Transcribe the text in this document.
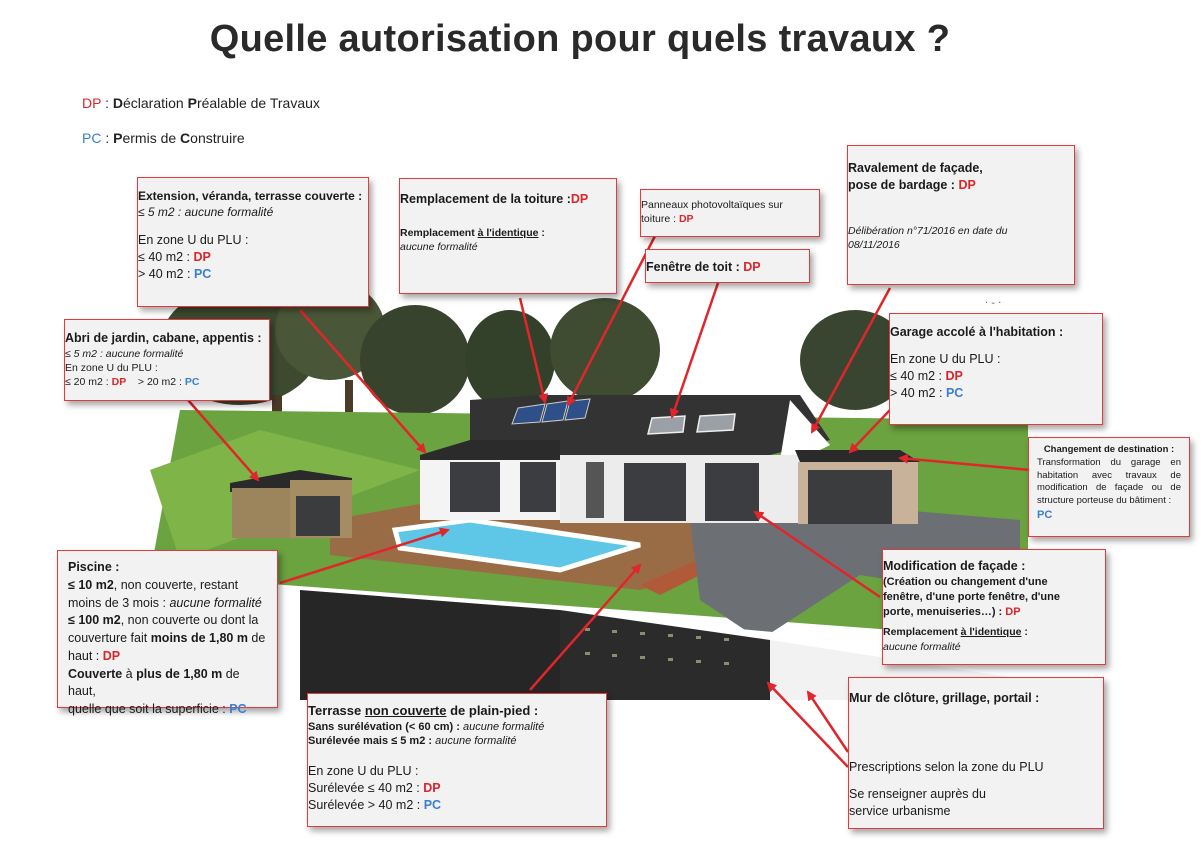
Quelle autorisation pour quels travaux ?
DP : Déclaration Préalable de Travaux
PC : Permis de Construire
· - ·
Extension, véranda, terrasse couverte :
≤ 5 m2 : aucune formalité
En zone U du PLU :
≤ 40 m2 : DP
> 40 m2 : PC
Remplacement de la toiture :DP
Remplacement à l'identique :
aucune formalité
Panneaux photovoltaïques sur
toiture : DP
Fenêtre de toit : DP
Ravalement de façade,
pose de bardage : DP
Délibération n°71/2016 en date du
08/11/2016
Abri de jardin, cabane, appentis :
≤ 5 m2 : aucune formalité
En zone U du PLU :
≤ 20 m2 : DP > 20 m2 : PC
Garage accolé à l'habitation :
En zone U du PLU :
≤ 40 m2 : DP
> 40 m2 : PC
Changement de destination :
Transformation du garage en habitation avec travaux de modification de façade ou de structure porteuse du bâtiment :
PC
Piscine :
≤ 10 m2, non couverte, restant
moins de 3 mois : aucune formalité
≤ 100 m2, non couverte ou dont la
couverture fait moins de 1,80 m de
haut : DP
Couverte à plus de 1,80 m de haut,
quelle que soit la superficie : PC
Modification de façade :
(Création ou changement d'une
fenêtre, d'une porte fenêtre, d'une
porte, menuiseries…) : DP
Remplacement à l'identique :
aucune formalité
Terrasse non couverte de plain-pied :
Sans surélévation (< 60 cm) : aucune formalité
Surélevée mais ≤ 5 m2 : aucune formalité
En zone U du PLU :
Surélevée ≤ 40 m2 : DP
Surélevée > 40 m2 : PC
Mur de clôture, grillage, portail :
Prescriptions selon la zone du PLU
Se renseigner auprès du
service urbanisme
